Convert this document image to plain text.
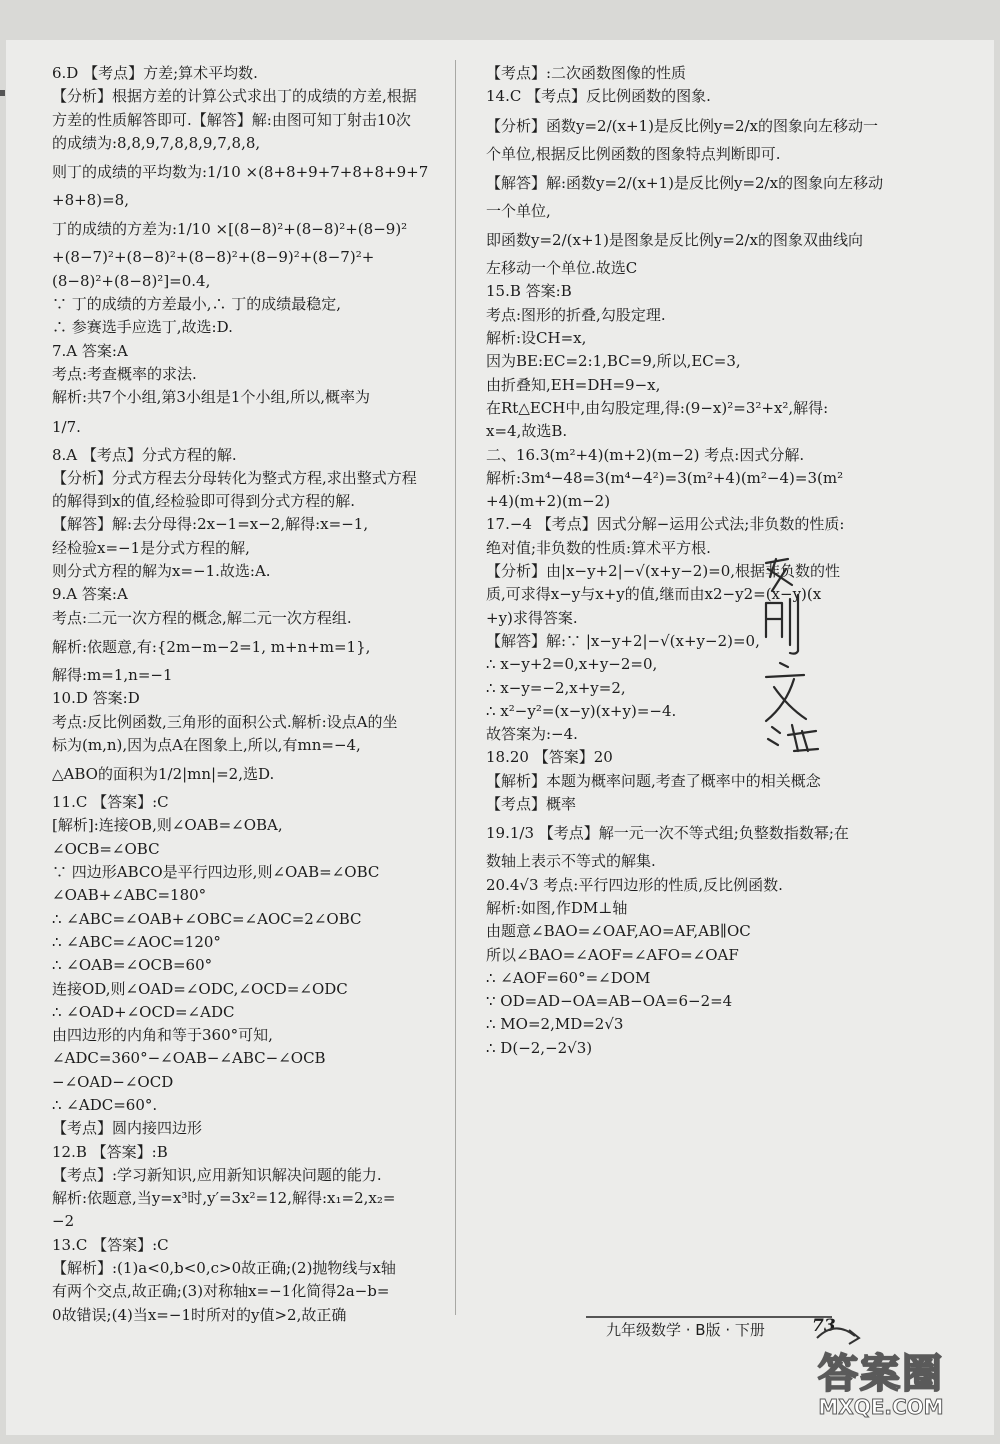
6.D 【考点】方差;算术平均数.
【分析】根据方差的计算公式求出丁的成绩的方差,根据
方差的性质解答即可.【解答】解:由图可知丁射击10次
的成绩为:8,8,9,7,8,8,9,7,8,8,
则丁的成绩的平均数为:1/10 ×(8+8+9+7+8+8+9+7
+8+8)=8,
丁的成绩的方差为:1/10 ×[(8−8)²+(8−8)²+(8−9)²
+(8−7)²+(8−8)²+(8−8)²+(8−9)²+(8−7)²+
(8−8)²+(8−8)²]=0.4,
∵ 丁的成绩的方差最小,∴ 丁的成绩最稳定,
∴ 参赛选手应选丁,故选:D.
7.A 答案:A
考点:考查概率的求法.
解析:共7个小组,第3小组是1个小组,所以,概率为
1/7.
8.A 【考点】分式方程的解.
【分析】分式方程去分母转化为整式方程,求出整式方程
的解得到x的值,经检验即可得到分式方程的解.
【解答】解:去分母得:2x−1=x−2,解得:x=−1,
经检验x=−1是分式方程的解,
则分式方程的解为x=−1.故选:A.
9.A 答案:A
考点:二元一次方程的概念,解二元一次方程组.
解析:依题意,有:{2m−m−2=1, m+n+m=1},
解得:m=1,n=−1
10.D 答案:D
考点:反比例函数,三角形的面积公式.解析:设点A的坐
标为(m,n),因为点A在图象上,所以,有mn=−4,
△ABO的面积为1/2|mn|=2,选D.
11.C 【答案】:C
[解析]:连接OB,则∠OAB=∠OBA,
∠OCB=∠OBC
∵ 四边形ABCO是平行四边形,则∠OAB=∠OBC
∠OAB+∠ABC=180°
∴ ∠ABC=∠OAB+∠OBC=∠AOC=2∠OBC
∴ ∠ABC=∠AOC=120°
∴ ∠OAB=∠OCB=60°
连接OD,则∠OAD=∠ODC,∠OCD=∠ODC
∴ ∠OAD+∠OCD=∠ADC
由四边形的内角和等于360°可知,
∠ADC=360°−∠OAB−∠ABC−∠OCB
−∠OAD−∠OCD
∴ ∠ADC=60°.
【考点】圆内接四边形
12.B 【答案】:B
【考点】:学习新知识,应用新知识解决问题的能力.
解析:依题意,当y=x³时,y′=3x²=12,解得:x₁=2,x₂=
−2
13.C 【答案】:C
【解析】:(1)a<0,b<0,c>0故正确;(2)抛物线与x轴
有两个交点,故正确;(3)对称轴x=−1化简得2a−b=
0故错误;(4)当x=−1时所对的y值>2,故正确
【考点】:二次函数图像的性质
14.C 【考点】反比例函数的图象.
【分析】函数y=2/(x+1)是反比例y=2/x的图象向左移动一
个单位,根据反比例函数的图象特点判断即可.
【解答】解:函数y=2/(x+1)是反比例y=2/x的图象向左移动
一个单位,
即函数y=2/(x+1)是图象是反比例y=2/x的图象双曲线向
左移动一个单位.故选C
15.B 答案:B
考点:图形的折叠,勾股定理.
解析:设CH=x,
因为BE:EC=2:1,BC=9,所以,EC=3,
由折叠知,EH=DH=9−x,
在Rt△ECH中,由勾股定理,得:(9−x)²=3²+x²,解得:
x=4,故选B.
二、16.3(m²+4)(m+2)(m−2) 考点:因式分解.
解析:3m⁴−48=3(m⁴−4²)=3(m²+4)(m²−4)=3(m²
+4)(m+2)(m−2)
17.−4 【考点】因式分解−运用公式法;非负数的性质:
绝对值;非负数的性质:算术平方根.
【分析】由|x−y+2|−√(x+y−2)=0,根据非负数的性
质,可求得x−y与x+y的值,继而由x2−y2=(x−y)(x
+y)求得答案.
【解答】解:∵ |x−y+2|−√(x+y−2)=0,
∴ x−y+2=0,x+y−2=0,
∴ x−y=−2,x+y=2,
∴ x²−y²=(x−y)(x+y)=−4.
故答案为:−4.
18.20 【答案】20
【解析】本题为概率问题,考查了概率中的相关概念
【考点】概率
19.1/3 【考点】解一元一次不等式组;负整数指数幂;在
数轴上表示不等式的解集.
20.4√3 考点:平行四边形的性质,反比例函数.
解析:如图,作DM⊥轴
由题意∠BAO=∠OAF,AO=AF,AB∥OC
所以∠BAO=∠AOF=∠AFO=∠OAF
∴ ∠AOF=60°=∠DOM
∵ OD=AD−OA=AB−OA=6−2=4
∴ MO=2,MD=2√3
∴ D(−2,−2√3)
九年级数学 · B版 · 下册	73
答案圈
MXQE.COM
